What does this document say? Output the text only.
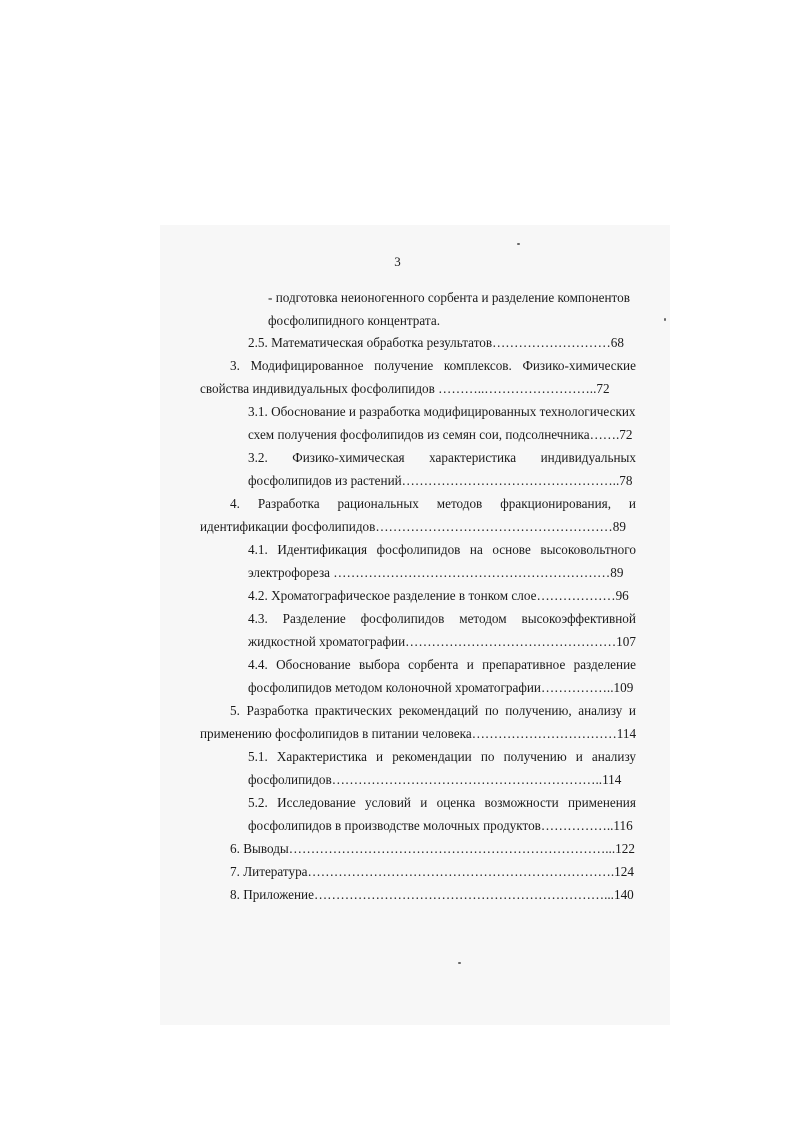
3
- подготовка неионогенного сорбента и разделение компонентов
фосфолипидного концентрата.
2.5. Математическая обработка результатов………………………68
3. Модифицированное получение комплексов. Физико-химические
свойства индивидуальных фосфолипидов ………..……………………..72
3.1. Обоснование и разработка модифицированных технологических
схем получения фосфолипидов из семян сои, подсолнечника…….72
3.2. Физико-химическая характеристика индивидуальных
фосфолипидов из растений…………………………………………..78
4. Разработка рациональных методов фракционирования, и
идентификации фосфолипидов………………………………………………89
4.1. Идентификация фосфолипидов на основе высоковольтного
электрофореза ………………………………………………………89
4.2. Хроматографическое разделение в тонком слое………………96
4.3. Разделение фосфолипидов методом высокоэффективной
жидкостной хроматографии…………………………………………107
4.4. Обоснование выбора сорбента и препаративное разделение
фосфолипидов методом колоночной хроматографии……………..109
5. Разработка практических рекомендаций по получению, анализу и
применению фосфолипидов в питании человека……………………………114
5.1. Характеристика и рекомендации по получению и анализу
фосфолипидов……………………………………………………..114
5.2. Исследование условий и оценка возможности применения
фосфолипидов в производстве молочных продуктов……………..116
6. Выводы………………………………………………………………...122
7. Литература…………………………………………………………….124
8. Приложение…………………………………………………………...140
